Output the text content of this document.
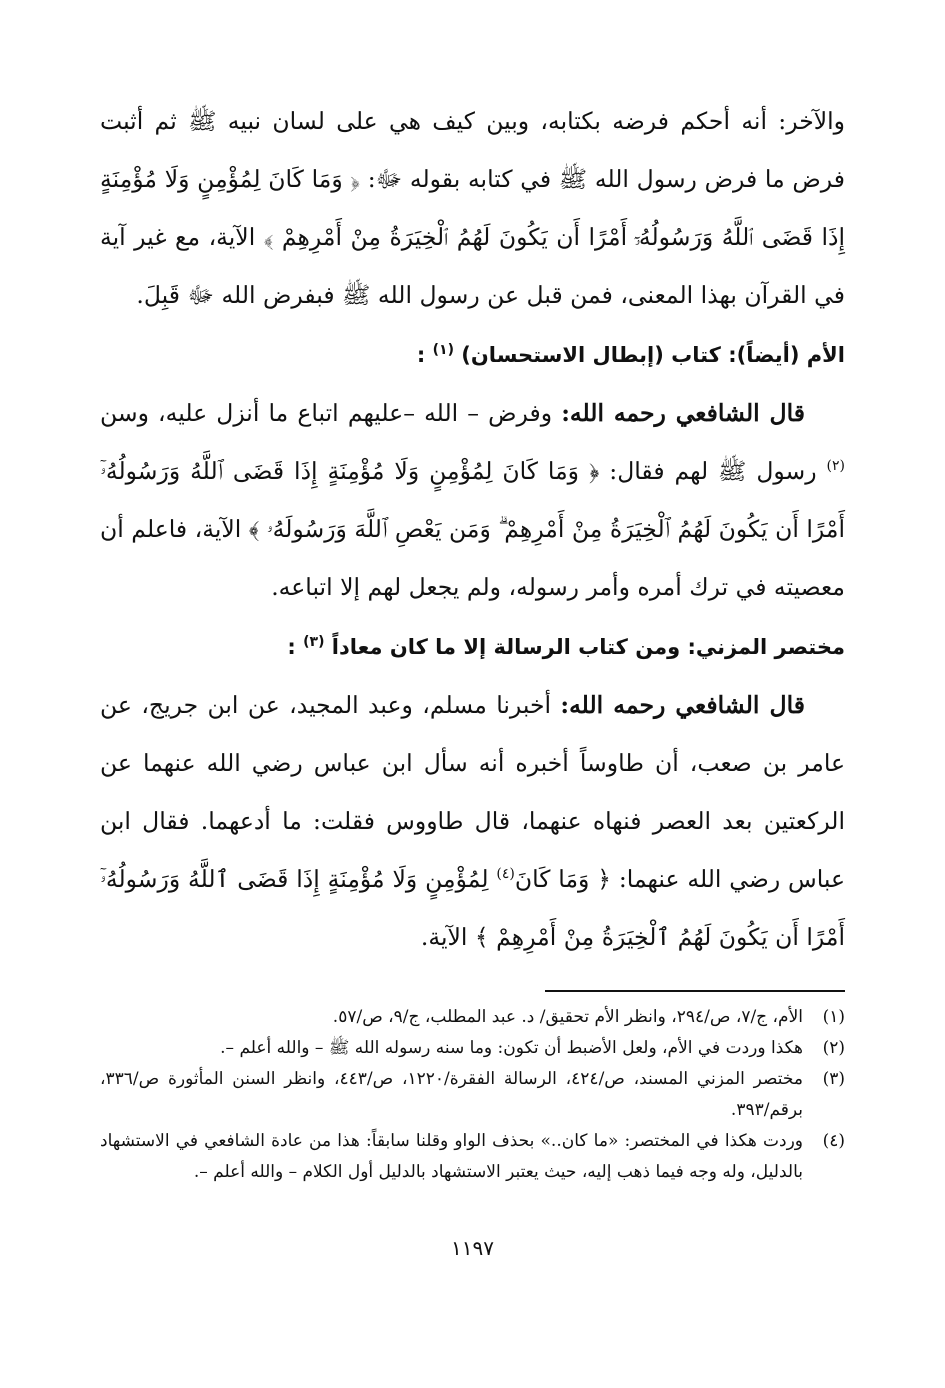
والآخر: أنه أحكم فرضه بكتابه، وبين كيف هي على لسان نبيه ﷺ ثم أثبت فرض ما فرض رسول الله ﷺ في كتابه بقوله ﷻ: ﴿ وَمَا كَانَ لِمُؤْمِنٍ وَلَا مُؤْمِنَةٍ إِذَا قَضَى ٱللَّهُ وَرَسُولُهُۥٓ أَمْرًا أَن يَكُونَ لَهُمُ ٱلْخِيَرَةُ مِنْ أَمْرِهِمْ ﴾ الآية، مع غير آية في القرآن بهذا المعنى، فمن قبل عن رسول الله ﷺ فبفرض الله ﷻ قَبِلَ.

الأم (أيضاً): كتاب (إبطال الاستحسان) $^{(١)}$ :

قال الشافعي رحمه الله: وفرض – الله –عليهم اتباع ما أنزل عليه، وسن $^{(٢)}$ رسول ﷺ لهم فقال: ﴿ وَمَا كَانَ لِمُؤْمِنٍ وَلَا مُؤْمِنَةٍ إِذَا قَضَى ٱللَّهُ وَرَسُولُهُۥٓ أَمْرًا أَن يَكُونَ لَهُمُ ٱلْخِيَرَةُ مِنْ أَمْرِهِمْ ۗ وَمَن يَعْصِ ٱللَّهَ وَرَسُولَهُۥ ﴾ الآية، فاعلم أن معصيته في ترك أمره وأمر رسوله، ولم يجعل لهم إلا اتباعه.

مختصر المزني: ومن كتاب الرسالة إلا ما كان معاداً $^{(٣)}$ :

قال الشافعي رحمه الله: أخبرنا مسلم، وعبد المجيد، عن ابن جريج، عن عامر بن صعب، أن طاوساً أخبره أنه سأل ابن عباس رضي الله عنهما عن الركعتين بعد العصر فنهاه عنهما، قال طاووس فقلت: ما أدعهما. فقال ابن عباس رضي الله عنهما: ﴿ وَمَا كَانَ$^{(٤)}$ لِمُؤْمِنٍ وَلَا مُؤْمِنَةٍ إِذَا قَضَى ٱللَّهُ وَرَسُولُهُۥٓ أَمْرًا أَن يَكُونَ لَهُمُ ٱلْخِيَرَةُ مِنْ أَمْرِهِمْ ﴾ الآية.

(١)
الأم، ج/٧، ص/٢٩٤، وانظر الأم تحقيق/ د. عبد المطلب، ج/٩، ص/٥٧.
(٢)
هكذا وردت في الأم، ولعل الأضبط أن تكون: وما سنه رسوله الله ﷺ – والله أعلم –.
(٣)
مختصر المزني المسند، ص/٤٢٤، الرسالة الفقرة/١٢٢٠، ص/٤٤٣، وانظر السنن المأثورة ص/٣٣٦، برقم/٣٩٣.
(٤)
وردت هكذا في المختصر: «ما كان..» بحذف الواو وقلنا سابقاً: هذا من عادة الشافعي في الاستشهاد بالدليل، وله وجه فيما ذهب إليه، حيث يعتبر الاستشهاد بالدليل أول الكلام – والله أعلم –.
١١٩٧
